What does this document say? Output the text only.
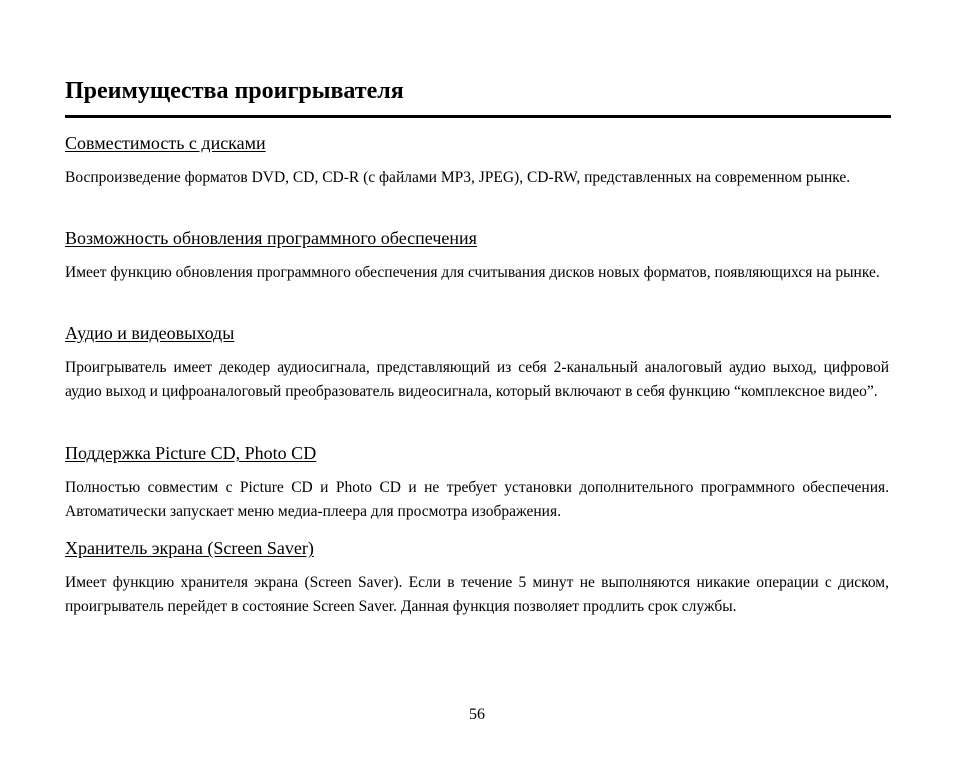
Преимущества проигрывателя
Совместимость с дисками

Воспроизведение форматов DVD, CD, CD-R (с файлами MP3, JPEG), CD-RW, представленных на современном рынке.

Возможность обновления программного обеспечения

Имеет функцию обновления программного обеспечения для считывания дисков новых форматов, появляющихся на рынке.

Аудио и видеовыходы

Проигрыватель имеет декодер аудиосигнала, представляющий из себя 2-канальный аналоговый аудио выход, цифровой аудио выход и цифроаналоговый преобразователь видеосигнала, который включают в себя функцию “комплексное видео”.

Поддержка Picture CD, Photo CD

Полностью совместим с Picture CD и Photo CD и не требует установки дополнительного программного обеспечения. Автоматически запускает меню медиа-плеера для просмотра изображения.

Хранитель экрана (Screen Saver)

Имеет функцию хранителя экрана (Screen Saver). Если в течение 5 минут не выполняются никакие операции с диском, проигрыватель перейдет в состояние Screen Saver. Данная функция позволяет продлить срок службы.

56
